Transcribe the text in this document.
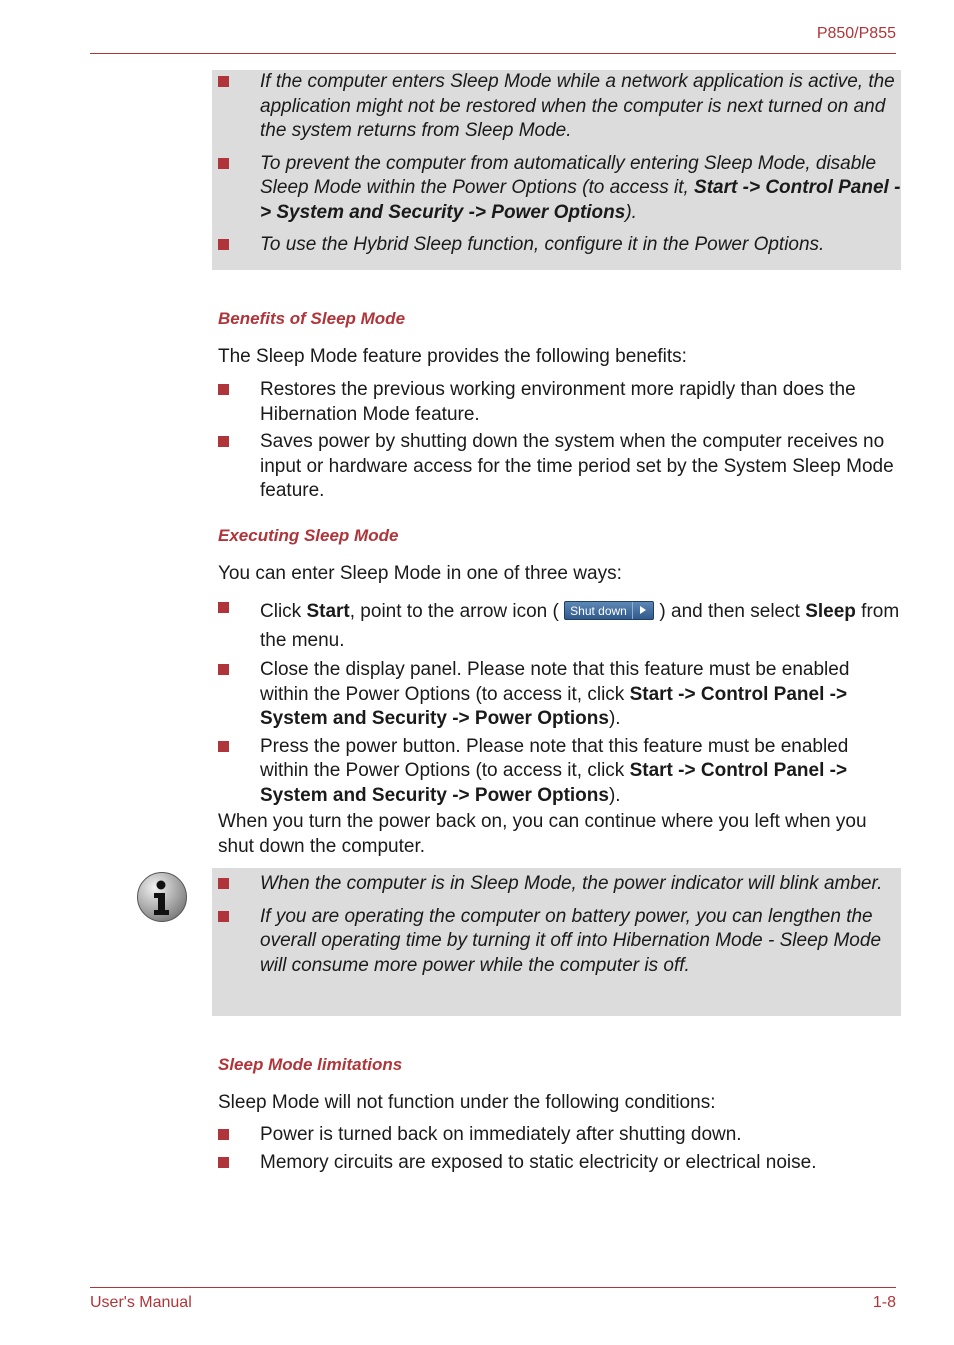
P850/P855
If the computer enters Sleep Mode while a network application is active, the application might not be restored when the computer is next turned on and the system returns from Sleep Mode.
To prevent the computer from automatically entering Sleep Mode, disable Sleep Mode within the Power Options (to access it, Start -> Control Panel -> System and Security -> Power Options).
To use the Hybrid Sleep function, configure it in the Power Options.
Benefits of Sleep Mode
The Sleep Mode feature provides the following benefits:
Restores the previous working environment more rapidly than does the Hibernation Mode feature.
Saves power by shutting down the system when the computer receives no input or hardware access for the time period set by the System Sleep Mode feature.
Executing Sleep Mode
You can enter Sleep Mode in one of three ways:
Click Start, point to the arrow icon ( Shut down
) and then select Sleep from the menu.
Close the display panel. Please note that this feature must be enabled within the Power Options (to access it, click Start -> Control Panel -> System and Security -> Power Options).
Press the power button. Please note that this feature must be enabled within the Power Options (to access it, click Start -> Control Panel -> System and Security -> Power Options).
When you turn the power back on, you can continue where you left when you shut down the computer.
When the computer is in Sleep Mode, the power indicator will blink amber.
If you are operating the computer on battery power, you can lengthen the overall operating time by turning it off into Hibernation Mode - Sleep Mode will consume more power while the computer is off.
Sleep Mode limitations
Sleep Mode will not function under the following conditions:
Power is turned back on immediately after shutting down.
Memory circuits are exposed to static electricity or electrical noise.
User's Manual	1-8
